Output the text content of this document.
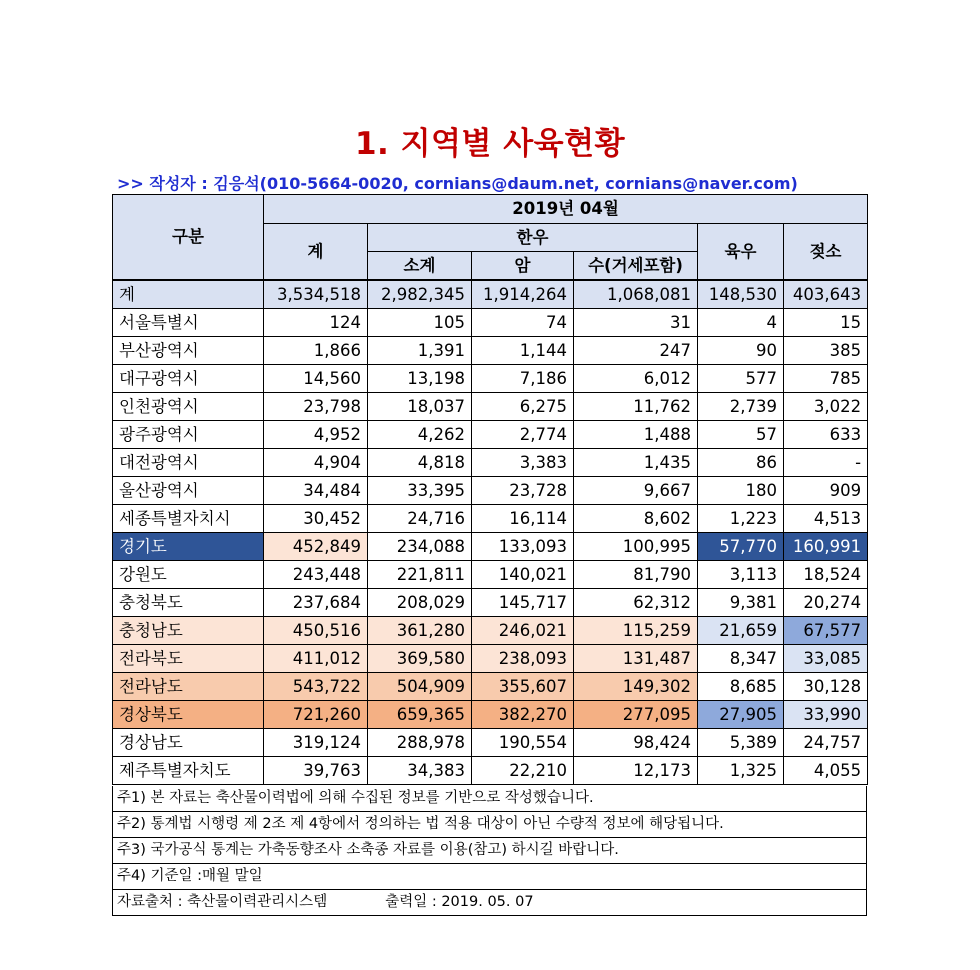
1. 지역별 사육현황
>> 작성자 : 김응석(010-5664-0020, cornians@daum.net, cornians@naver.com)
구분	2019년 04월					
	계	한우			육우	젖소
		소계	암	수(거세포함)		
계	3,534,518	2,982,345	1,914,264	1,068,081	148,530	403,643
서울특별시	124	105	74	31	4	15
부산광역시	1,866	1,391	1,144	247	90	385
대구광역시	14,560	13,198	7,186	6,012	577	785
인천광역시	23,798	18,037	6,275	11,762	2,739	3,022
광주광역시	4,952	4,262	2,774	1,488	57	633
대전광역시	4,904	4,818	3,383	1,435	86	-
울산광역시	34,484	33,395	23,728	9,667	180	909
세종특별자치시	30,452	24,716	16,114	8,602	1,223	4,513
경기도	452,849	234,088	133,093	100,995	57,770	160,991
강원도	243,448	221,811	140,021	81,790	3,113	18,524
충청북도	237,684	208,029	145,717	62,312	9,381	20,274
충청남도	450,516	361,280	246,021	115,259	21,659	67,577
전라북도	411,012	369,580	238,093	131,487	8,347	33,085
전라남도	543,722	504,909	355,607	149,302	8,685	30,128
경상북도	721,260	659,365	382,270	277,095	27,905	33,990
경상남도	319,124	288,978	190,554	98,424	5,389	24,757
제주특별자치도	39,763	34,383	22,210	12,173	1,325	4,055
주1) 본 자료는 축산물이력법에 의해 수집된 정보를 기반으로 작성했습니다.
주2) 통계법 시행령 제 2조 제 4항에서 정의하는 법 적용 대상이 아닌 수량적 정보에 해당됩니다.
주3) 국가공식 통계는 가축동향조사 소축종 자료를 이용(참고) 하시길 바랍니다.
주4) 기준일 :매월 말일
자료출처 : 축산물이력관리시스템	출력일 : 2019. 05. 07
